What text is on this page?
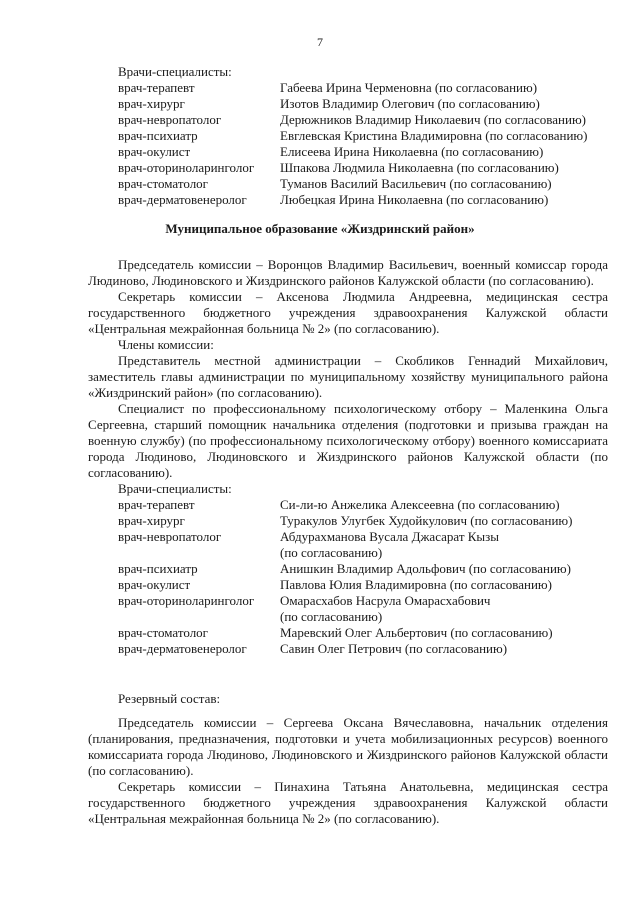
7
Врачи-специалисты:
врач-терапевт	Габеева Ирина Черменовна (по согласованию)
врач-хирург	Изотов Владимир Олегович (по согласованию)
врач-невропатолог	Дерюжников Владимир Николаевич (по согласованию)
врач-психиатр	Евглевская Кристина Владимировна (по согласованию)
врач-окулист	Елисеева Ирина Николаевна (по согласованию)
врач-оториноларинголог	Шпакова Людмила Николаевна (по согласованию)
врач-стоматолог	Туманов Василий Васильевич (по согласованию)
врач-дерматовенеролог	Любецкая Ирина Николаевна (по согласованию)
Муниципальное образование «Жиздринский район»

Председатель комиссии – Воронцов Владимир Васильевич, военный комиссар города Людиново, Людиновского и Жиздринского районов Калужской области (по согласованию).

Секретарь комиссии – Аксенова Людмила Андреевна, медицинская сестра государственного бюджетного учреждения здравоохранения Калужской области «Центральная межрайонная больница № 2» (по согласованию).

Члены комиссии:

Представитель местной администрации – Скобликов Геннадий Михайлович, заместитель главы администрации по муниципальному хозяйству муниципального района «Жиздринский район» (по согласованию).

Специалист по профессиональному психологическому отбору – Маленкина Ольга Сергеевна, старший помощник начальника отделения (подготовки и призыва граждан на военную службу) (по профессиональному психологическому отбору) военного комиссариата города Людиново, Людиновского и Жиздринского районов Калужской области (по согласованию).

Врачи-специалисты:

врач-терапевт	Си-ли-ю Анжелика Алексеевна (по согласованию)
врач-хирург	Туракулов Улугбек Худойкулович (по согласованию)
врач-невропатолог	Абдурахманова Вусала Джасарат Кызы
(по согласованию)
врач-психиатр	Анишкин Владимир Адольфович (по согласованию)
врач-окулист	Павлова Юлия Владимировна (по согласованию)
врач-оториноларинголог	Омарасхабов Насрула Омарасхабович
(по согласованию)
врач-стоматолог	Маревский Олег Альбертович (по согласованию)
врач-дерматовенеролог	Савин Олег Петрович (по согласованию)

Резервный состав:

Председатель комиссии – Сергеева Оксана Вячеславовна, начальник отделения (планирования, предназначения, подготовки и учета мобилизационных ресурсов) военного комиссариата города Людиново, Людиновского и Жиздринского районов Калужской области (по согласованию).

Секретарь комиссии – Пинахина Татьяна Анатольевна, медицинская сестра государственного бюджетного учреждения здравоохранения Калужской области «Центральная межрайонная больница № 2» (по согласованию).
